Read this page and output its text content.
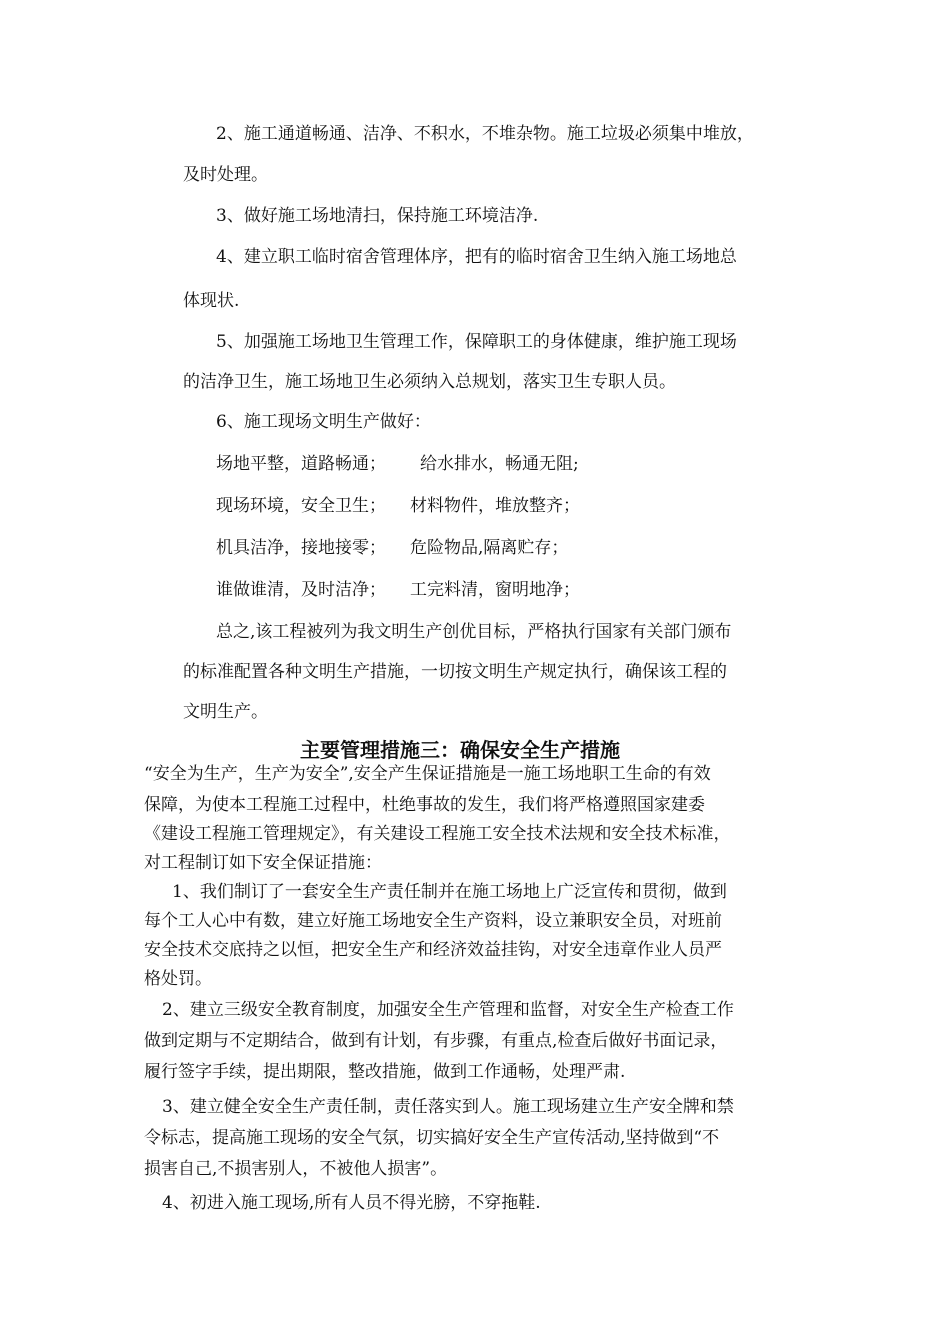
2、施工通道畅通、洁净、不积水，不堆杂物。施工垃圾必须集中堆放，
及时处理。
3、做好施工场地清扫，保持施工环境洁净.
4、建立职工临时宿舍管理体序，把有的临时宿舍卫生纳入施工场地总
体现状.
5、加强施工场地卫生管理工作，保障职工的身体健康，维护施工现场
的洁净卫生，施工场地卫生必须纳入总规划，落实卫生专职人员。
6、施工现场文明生产做好：
场地平整，道路畅通； 给水排水，畅通无阻;
现场环境，安全卫生； 材料物件，堆放整齐；
机具洁净，接地接零； 危险物品,隔离贮存；
谁做谁清，及时洁净； 工完料清，窗明地净；
总之,该工程被列为我文明生产创优目标，严格执行国家有关部门颁布
的标准配置各种文明生产措施，一切按文明生产规定执行，确保该工程的
文明生产。
主要管理措施三：确保安全生产措施
“安全为生产，生产为安全”,安全产生保证措施是一施工场地职工生命的有效
保障，为使本工程施工过程中，杜绝事故的发生，我们将严格遵照国家建委
《建设工程施工管理规定》，有关建设工程施工安全技术法规和安全技术标准，
对工程制订如下安全保证措施：
1、我们制订了一套安全生产责任制并在施工场地上广泛宣传和贯彻，做到
每个工人心中有数，建立好施工场地安全生产资料，设立兼职安全员，对班前
安全技术交底持之以恒，把安全生产和经济效益挂钩，对安全违章作业人员严
格处罚。
2、建立三级安全教育制度，加强安全生产管理和监督，对安全生产检查工作
做到定期与不定期结合，做到有计划，有步骤，有重点,检查后做好书面记录，
履行签字手续，提出期限，整改措施，做到工作通畅，处理严肃.
3、建立健全安全生产责任制，责任落实到人。施工现场建立生产安全牌和禁
令标志，提高施工现场的安全气氛，切实搞好安全生产宣传活动,坚持做到“不
损害自己,不损害别人，不被他人损害”。
4、初进入施工现场,所有人员不得光膀，不穿拖鞋.
